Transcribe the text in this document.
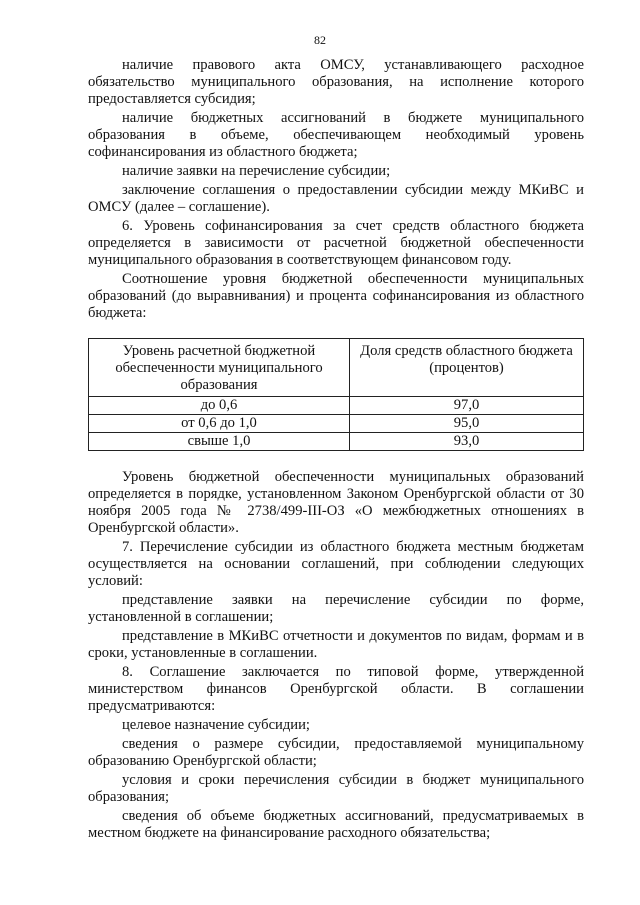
82

наличие правового акта ОМСУ, устанавливающего расходное обязательство муниципального образования, на исполнение которого предоставляется субсидия;

наличие бюджетных ассигнований в бюджете муниципального образования в объеме, обеспечивающем необходимый уровень софинансирования из областного бюджета;

наличие заявки на перечисление субсидии;

заключение соглашения о предоставлении субсидии между МКиВС и ОМСУ (далее – соглашение).

6. Уровень софинансирования за счет средств областного бюджета определяется в зависимости от расчетной бюджетной обеспеченности муниципального образования в соответствующем финансовом году.

Соотношение уровня бюджетной обеспеченности муниципальных образований (до выравнивания) и процента софинансирования из областного бюджета:

Уровень расчетной бюджетной обеспеченности муниципального образования	Доля средств областного бюджета (процентов)
до 0,6	97,0
от 0,6 до 1,0	95,0
свыше 1,0	93,0

Уровень бюджетной обеспеченности муниципальных образований определяется в порядке, установленном Законом Оренбургской области от 30 ноября 2005 года № 2738/499-III-ОЗ «О межбюджетных отношениях в Оренбургской области».

7. Перечисление субсидии из областного бюджета местным бюджетам осуществляется на основании соглашений, при соблюдении следующих условий:

представление заявки на перечисление субсидии по форме, установленной в соглашении;

представление в МКиВС отчетности и документов по видам, формам и в сроки, установленные в соглашении.

8. Соглашение заключается по типовой форме, утвержденной министерством финансов Оренбургской области. В соглашении предусматриваются:

целевое назначение субсидии;

сведения о размере субсидии, предоставляемой муниципальному образованию Оренбургской области;

условия и сроки перечисления субсидии в бюджет муниципального образования;

сведения об объеме бюджетных ассигнований, предусматриваемых в местном бюджете на финансирование расходного обязательства;
